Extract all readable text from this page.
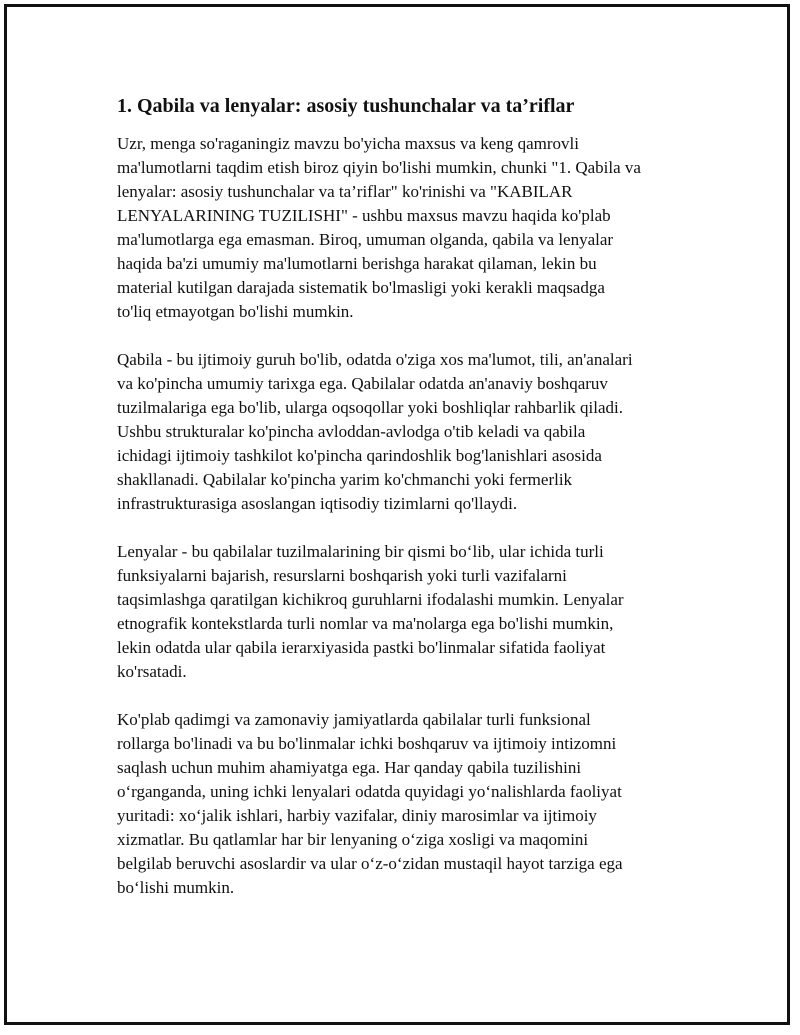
1. Qabila va lenyalar: asosiy tushunchalar va ta’riflar

Uzr, menga so'raganingiz mavzu bo'yicha maxsus va keng qamrovli
ma'lumotlarni taqdim etish biroz qiyin bo'lishi mumkin, chunki "1. Qabila va
lenyalar: asosiy tushunchalar va ta’riflar" ko'rinishi va "KABILAR
LENYALARINING TUZILISHI" - ushbu maxsus mavzu haqida ko'plab
ma'lumotlarga ega emasman. Biroq, umuman olganda, qabila va lenyalar
haqida ba'zi umumiy ma'lumotlarni berishga harakat qilaman, lekin bu
material kutilgan darajada sistematik bo'lmasligi yoki kerakli maqsadga
to'liq etmayotgan bo'lishi mumkin.

Qabila - bu ijtimoiy guruh bo'lib, odatda o'ziga xos ma'lumot, tili, an'analari
va ko'pincha umumiy tarixga ega. Qabilalar odatda an'anaviy boshqaruv
tuzilmalariga ega bo'lib, ularga oqsoqollar yoki boshliqlar rahbarlik qiladi.
Ushbu strukturalar ko'pincha avloddan-avlodga o'tib keladi va qabila
ichidagi ijtimoiy tashkilot ko'pincha qarindoshlik bog'lanishlari asosida
shakllanadi. Qabilalar ko'pincha yarim ko'chmanchi yoki fermerlik
infrastrukturasiga asoslangan iqtisodiy tizimlarni qo'llaydi.

Lenyalar - bu qabilalar tuzilmalarining bir qismi bo‘lib, ular ichida turli
funksiyalarni bajarish, resurslarni boshqarish yoki turli vazifalarni
taqsimlashga qaratilgan kichikroq guruhlarni ifodalashi mumkin. Lenyalar
etnografik kontekstlarda turli nomlar va ma'nolarga ega bo'lishi mumkin,
lekin odatda ular qabila ierarxiyasida pastki bo'linmalar sifatida faoliyat
ko'rsatadi.

Ko'plab qadimgi va zamonaviy jamiyatlarda qabilalar turli funksional
rollarga bo'linadi va bu bo'linmalar ichki boshqaruv va ijtimoiy intizomni
saqlash uchun muhim ahamiyatga ega. Har qanday qabila tuzilishini
o‘rganganda, uning ichki lenyalari odatda quyidagi yo‘nalishlarda faoliyat
yuritadi: xo‘jalik ishlari, harbiy vazifalar, diniy marosimlar va ijtimoiy
xizmatlar. Bu qatlamlar har bir lenyaning o‘ziga xosligi va maqomini
belgilab beruvchi asoslardir va ular o‘z-o‘zidan mustaqil hayot tarziga ega
bo‘lishi mumkin.
